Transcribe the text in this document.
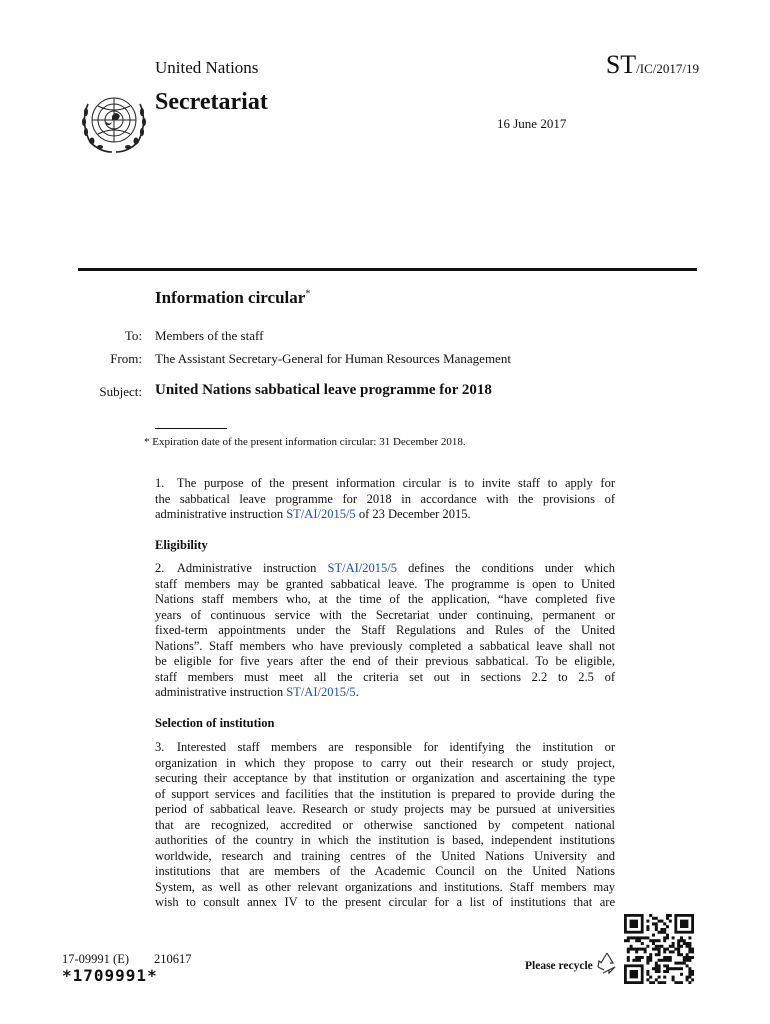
United Nations	ST/IC/2017/19
Secretariat
16 June 2017
Information circular*
To: Members of the staff
From: The Assistant Secretary-General for Human Resources Management
Subject: United Nations sabbatical leave programme for 2018
* Expiration date of the present information circular: 31 December 2018.
1. The purpose of the present information circular is to invite staff to apply for
the sabbatical leave programme for 2018 in accordance with the provisions of
administrative instruction ST/AI/2015/5 of 23 December 2015.
Eligibility
2. Administrative instruction ST/AI/2015/5 defines the conditions under which
staff members may be granted sabbatical leave. The programme is open to United
Nations staff members who, at the time of the application, “have completed five
years of continuous service with the Secretariat under continuing, permanent or
fixed-term appointments under the Staff Regulations and Rules of the United
Nations”. Staff members who have previously completed a sabbatical leave shall not
be eligible for five years after the end of their previous sabbatical. To be eligible,
staff members must meet all the criteria set out in sections 2.2 to 2.5 of
administrative instruction ST/AI/2015/5.
Selection of institution
3. Interested staff members are responsible for identifying the institution or
organization in which they propose to carry out their research or study project,
securing their acceptance by that institution or organization and ascertaining the type
of support services and facilities that the institution is prepared to provide during the
period of sabbatical leave. Research or study projects may be pursued at universities
that are recognized, accredited or otherwise sanctioned by competent national
authorities of the country in which the institution is based, independent institutions
worldwide, research and training centres of the United Nations University and
institutions that are members of the Academic Council on the United Nations
System, as well as other relevant organizations and institutions. Staff members may
wish to consult annex IV to the present circular for a list of institutions that are
17-09991 (E)  210617
*1709991*	Please recycle
